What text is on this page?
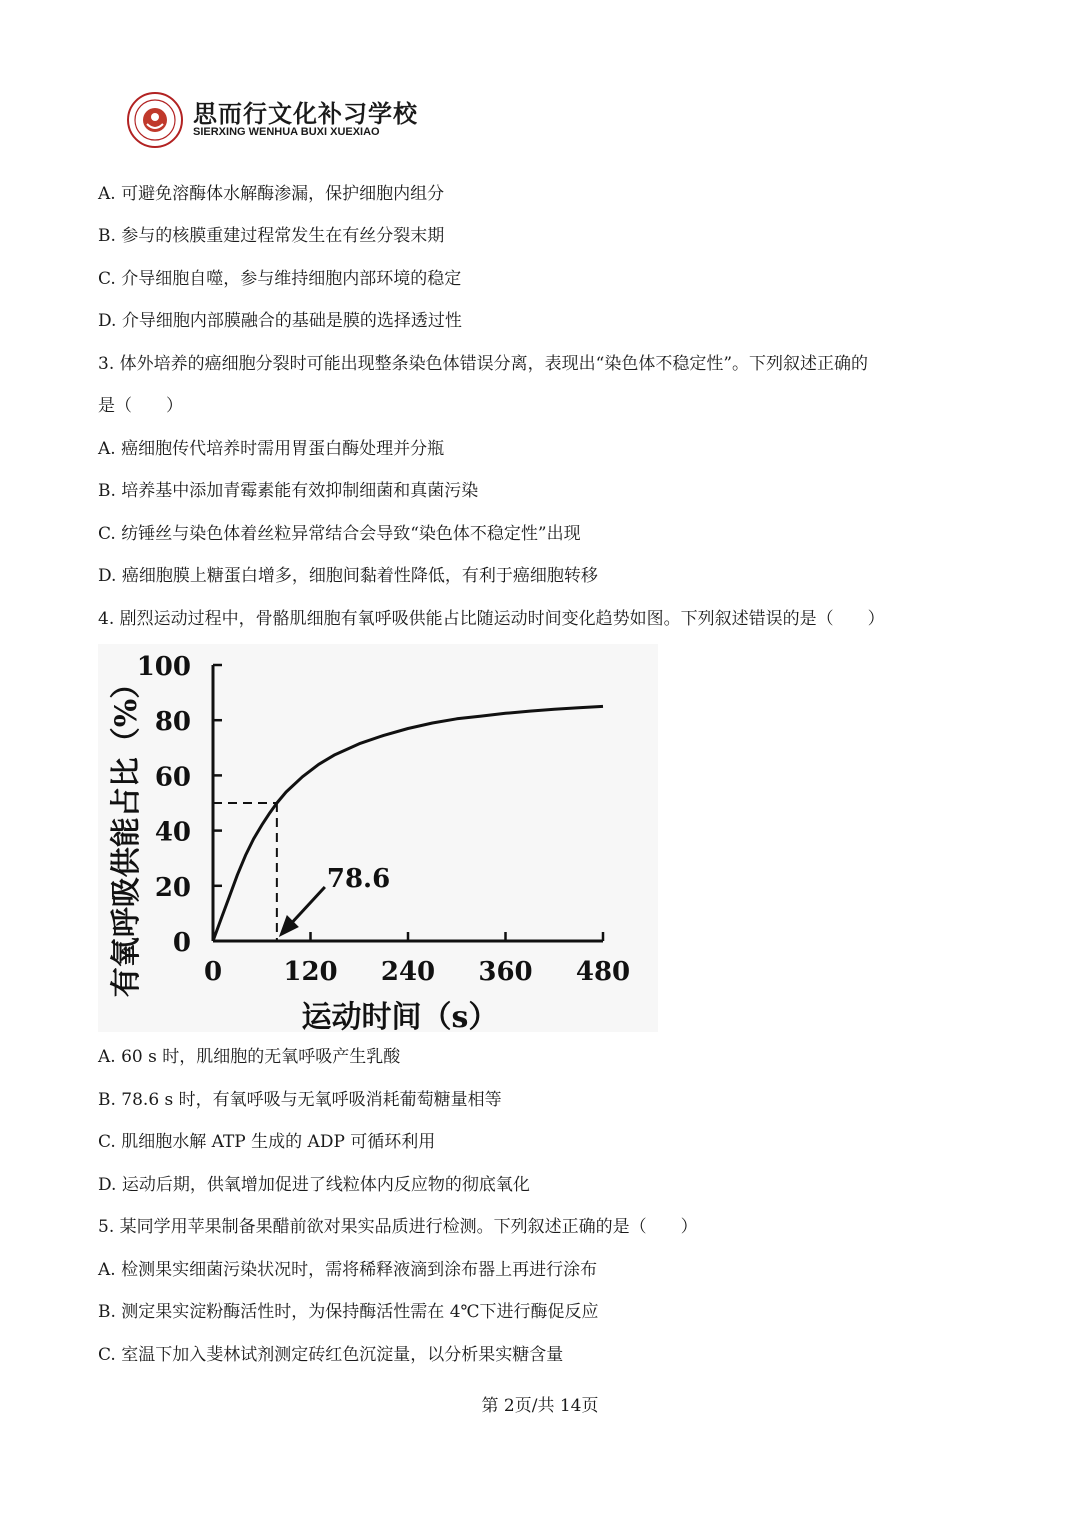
思而行文化补习学校
SIERXING WENHUA BUXI XUEXIAO
A. 可避免溶酶体水解酶渗漏，保护细胞内组分
B. 参与的核膜重建过程常发生在有丝分裂末期
C. 介导细胞自噬，参与维持细胞内部环境的稳定
D. 介导细胞内部膜融合的基础是膜的选择透过性
3. 体外培养的癌细胞分裂时可能出现整条染色体错误分离，表现出“染色体不稳定性”。下列叙述正确的
是（　　）
A. 癌细胞传代培养时需用胃蛋白酶处理并分瓶
B. 培养基中添加青霉素能有效抑制细菌和真菌污染
C. 纺锤丝与染色体着丝粒异常结合会导致“染色体不稳定性”出现
D. 癌细胞膜上糖蛋白增多，细胞间黏着性降低，有利于癌细胞转移
4. 剧烈运动过程中，骨骼肌细胞有氧呼吸供能占比随运动时间变化趋势如图。下列叙述错误的是（　　）
0
20
40
60
80
100
0 120 240 360 480
运动时间（s）
有氧呼吸供能占比（%）	78.6
A. 60 s 时，肌细胞的无氧呼吸产生乳酸
B. 78.6 s 时，有氧呼吸与无氧呼吸消耗葡萄糖量相等
C. 肌细胞水解 ATP 生成的 ADP 可循环利用
D. 运动后期，供氧增加促进了线粒体内反应物的彻底氧化
5. 某同学用苹果制备果醋前欲对果实品质进行检测。下列叙述正确的是（　　）
A. 检测果实细菌污染状况时，需将稀释液滴到涂布器上再进行涂布
B. 测定果实淀粉酶活性时，为保持酶活性需在 4℃下进行酶促反应
C. 室温下加入斐林试剂测定砖红色沉淀量，以分析果实糖含量
第 2页/共 14页
